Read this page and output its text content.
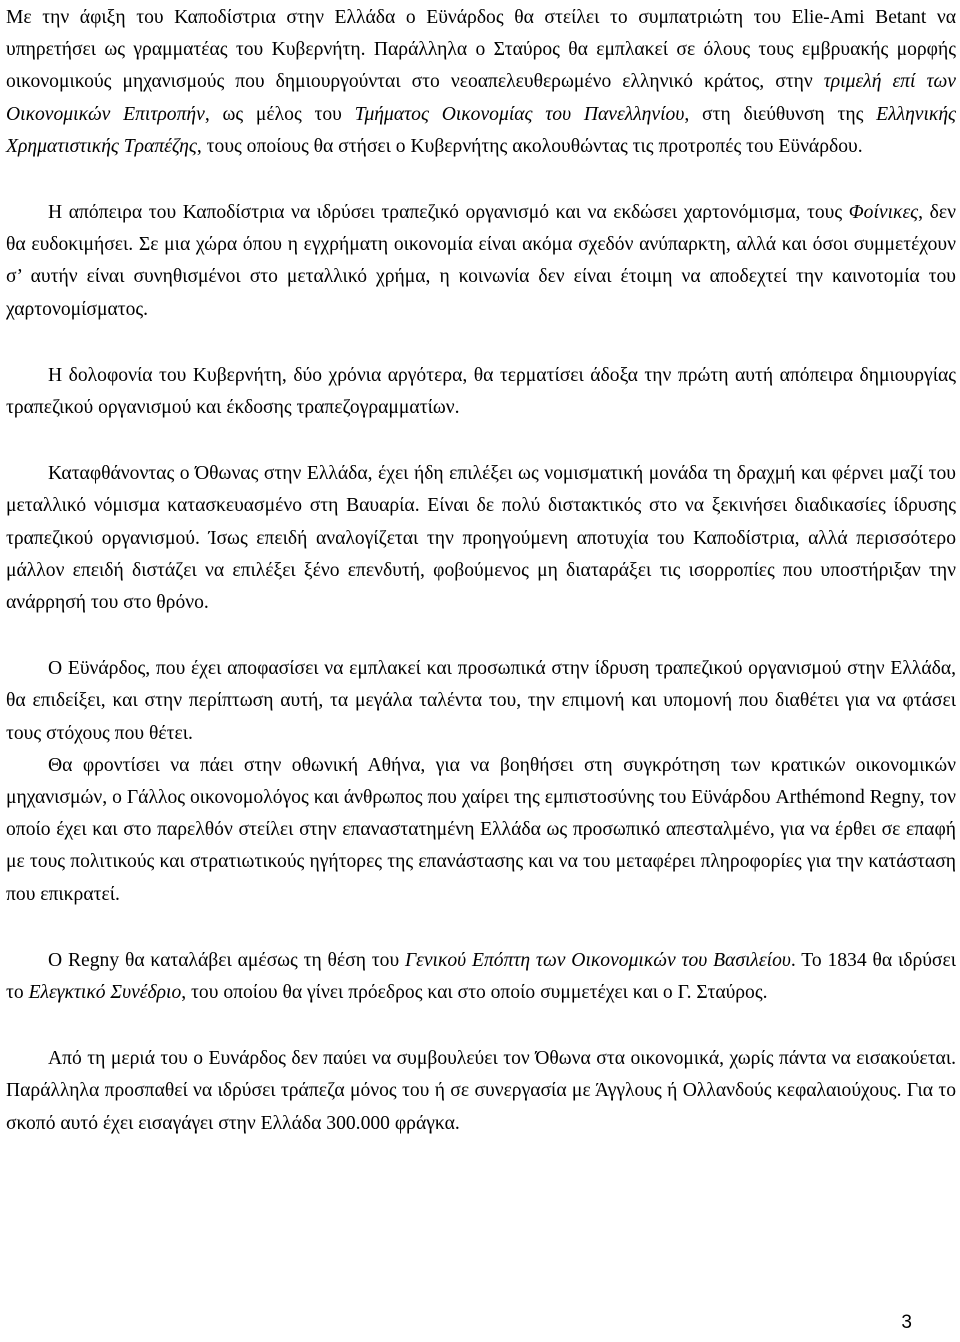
Με την άφιξη του Καποδίστρια στην Ελλάδα ο Εϋνάρδος θα στείλει το συμπατριώτη του Elie-Ami Betant να υπηρετήσει ως γραμματέας του Κυβερνήτη. Παράλληλα ο Σταύρος θα εμπλακεί σε όλους τους εμβρυακής μορφής οικονομικούς μηχανισμούς που δημιουργούνται στο νεοαπελευθερωμένο ελληνικό κράτος, στην τριμελή επί των Οικονομικών Επιτροπήν, ως μέλος του Τμήματος Οικονομίας του Πανελληνίου, στη διεύθυνση της Ελληνικής Χρηματιστικής Τραπέζης, τους οποίους θα στήσει ο Κυβερνήτης ακολουθώντας τις προτροπές του Εϋνάρδου.

Η απόπειρα του Καποδίστρια να ιδρύσει τραπεζικό οργανισμό και να εκδώσει χαρτονόμισμα, τους Φοίνικες, δεν θα ευδοκιμήσει. Σε μια χώρα όπου η εγχρήματη οικονομία είναι ακόμα σχεδόν ανύπαρκτη, αλλά και όσοι συμμετέχουν σ’ αυτήν είναι συνηθισμένοι στο μεταλλικό χρήμα, η κοινωνία δεν είναι έτοιμη να αποδεχτεί την καινοτομία του χαρτονομίσματος.

Η δολοφονία του Κυβερνήτη, δύο χρόνια αργότερα, θα τερματίσει άδοξα την πρώτη αυτή απόπειρα δημιουργίας τραπεζικού οργανισμού και έκδοσης τραπεζογραμματίων.

Καταφθάνοντας ο Όθωνας στην Ελλάδα, έχει ήδη επιλέξει ως νομισματική μονάδα τη δραχμή και φέρνει μαζί του μεταλλικό νόμισμα κατασκευασμένο στη Βαυαρία. Είναι δε πολύ διστακτικός στο να ξεκινήσει διαδικασίες ίδρυσης τραπεζικού οργανισμού. Ίσως επειδή αναλογίζεται την προηγούμενη αποτυχία του Καποδίστρια, αλλά περισσότερο μάλλον επειδή διστάζει να επιλέξει ξένο επενδυτή, φοβούμενος μη διαταράξει τις ισορροπίες που υποστήριξαν την ανάρρησή του στο θρόνο.

Ο Εϋνάρδος, που έχει αποφασίσει να εμπλακεί και προσωπικά στην ίδρυση τραπεζικού οργανισμού στην Ελλάδα, θα επιδείξει, και στην περίπτωση αυτή, τα μεγάλα ταλέντα του, την επιμονή και υπομονή που διαθέτει για να φτάσει τους στόχους που θέτει.

Θα φροντίσει να πάει στην οθωνική Αθήνα, για να βοηθήσει στη συγκρότηση των κρατικών οικονομικών μηχανισμών, ο Γάλλος οικονομολόγος και άνθρωπος που χαίρει της εμπιστοσύνης του Εϋνάρδου Arthémond Regny, τον οποίο έχει και στο παρελθόν στείλει στην επαναστατημένη Ελλάδα ως προσωπικό απεσταλμένο, για να έρθει σε επαφή με τους πολιτικούς και στρατιωτικούς ηγήτορες της επανάστασης και να του μεταφέρει πληροφορίες για την κατάσταση που επικρατεί.

O Regny θα καταλάβει αμέσως τη θέση του Γενικού Επόπτη των Οικονομικών του Βασιλείου. Το 1834 θα ιδρύσει το Ελεγκτικό Συνέδριο, του οποίου θα γίνει πρόεδρος και στο οποίο συμμετέχει και ο Γ. Σταύρος.

Από τη μεριά του ο Ευνάρδος δεν παύει να συμβουλεύει τον Όθωνα στα οικονομικά, χωρίς πάντα να εισακούεται. Παράλληλα προσπαθεί να ιδρύσει τράπεζα μόνος του ή σε συνεργασία με Άγγλους ή Ολλανδούς κεφαλαιούχους. Για το σκοπό αυτό έχει εισαγάγει στην Ελλάδα 300.000 φράγκα.

3
